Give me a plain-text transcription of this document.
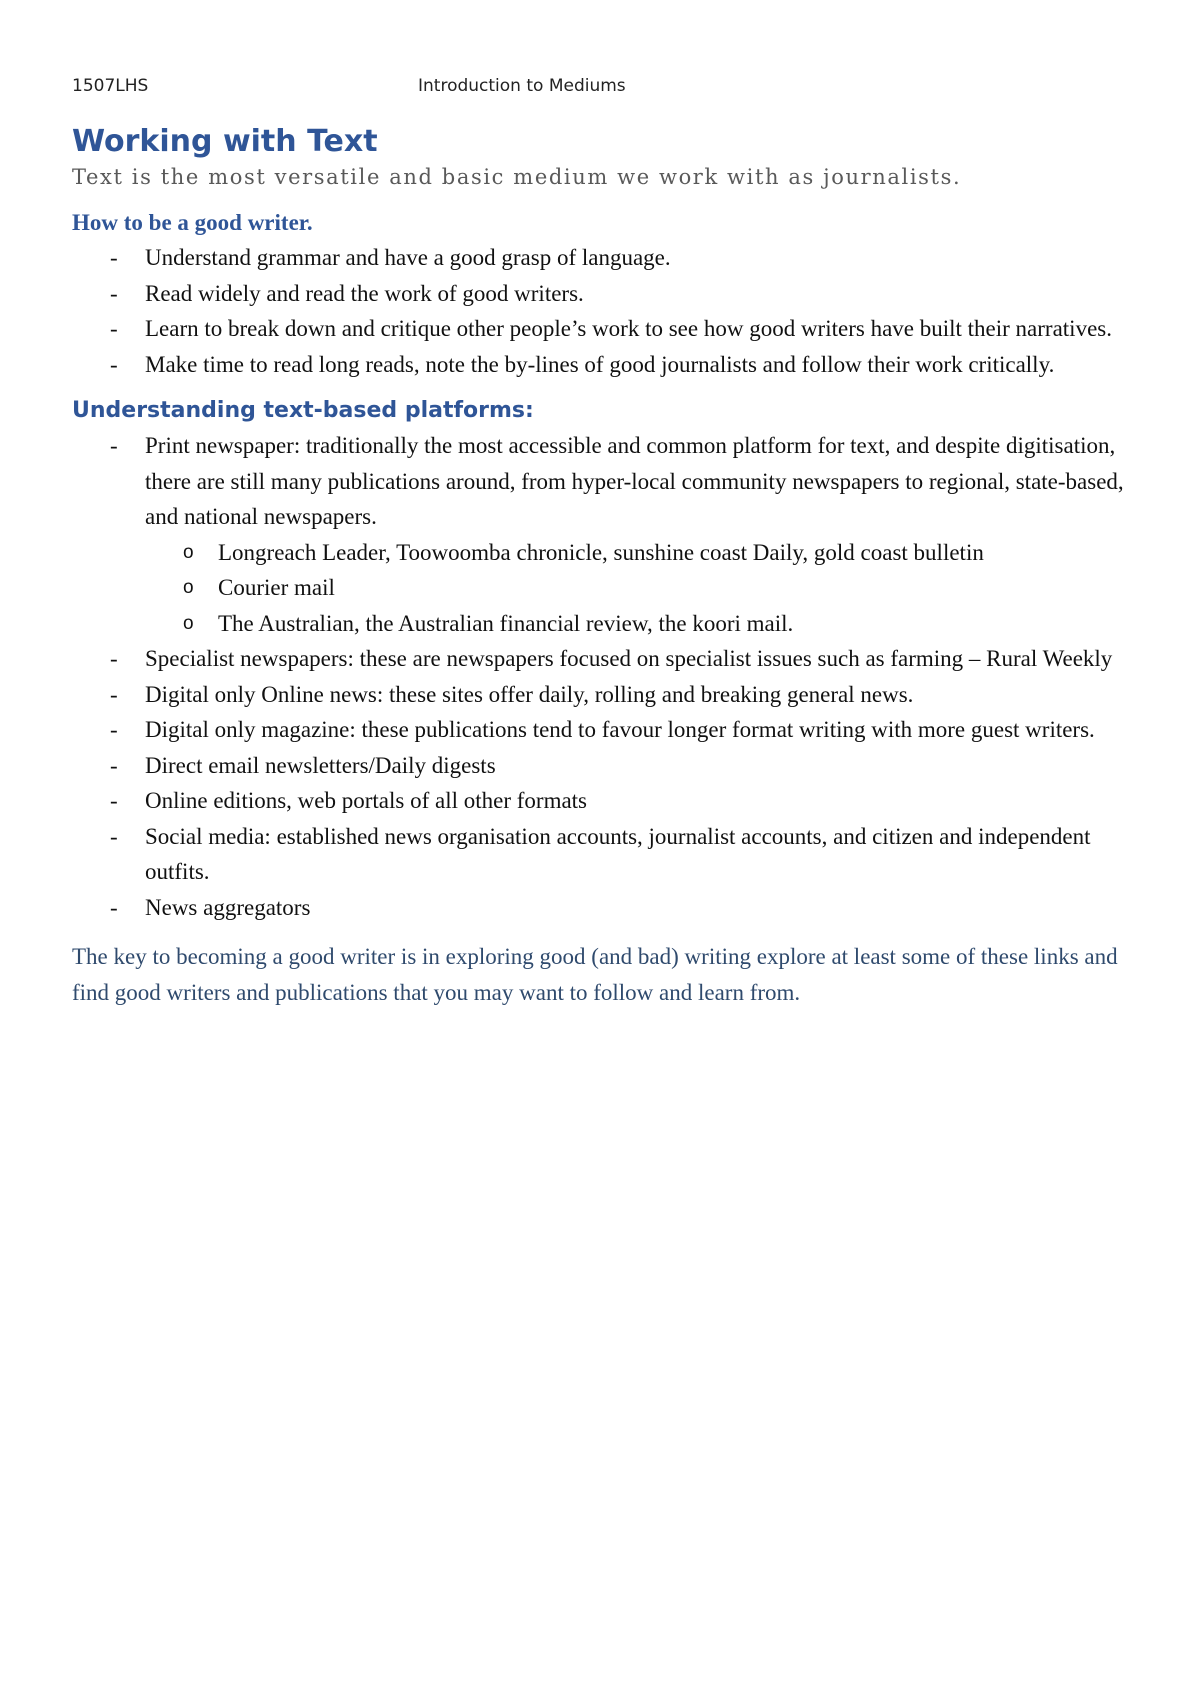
1507LHS	Introduction to Mediums
Working with Text

Text is the most versatile and basic medium we work with as journalists.

How to be a good writer.
- Understand grammar and have a good grasp of language.
- Read widely and read the work of good writers.
- Learn to break down and critique other people’s work to see how good writers have built their narratives.
- Make time to read long reads, note the by-lines of good journalists and follow their work critically.
Understanding text-based platforms:
- Print newspaper: traditionally the most accessible and common platform for text, and despite digitisation, there are still many publications around, from hyper-local community newspapers to regional, state-based, and national newspapers.
o Longreach Leader, Toowoomba chronicle, sunshine coast Daily, gold coast bulletin
o Courier mail
o The Australian, the Australian financial review, the koori mail.
- Specialist newspapers: these are newspapers focused on specialist issues such as farming – Rural Weekly
- Digital only Online news: these sites offer daily, rolling and breaking general news.
- Digital only magazine: these publications tend to favour longer format writing with more guest writers.
- Direct email newsletters/Daily digests
- Online editions, web portals of all other formats
- Social media: established news organisation accounts, journalist accounts, and citizen and independent outfits.
- News aggregators

The key to becoming a good writer is in exploring good (and bad) writing explore at least some of these links and find good writers and publications that you may want to follow and learn from.
